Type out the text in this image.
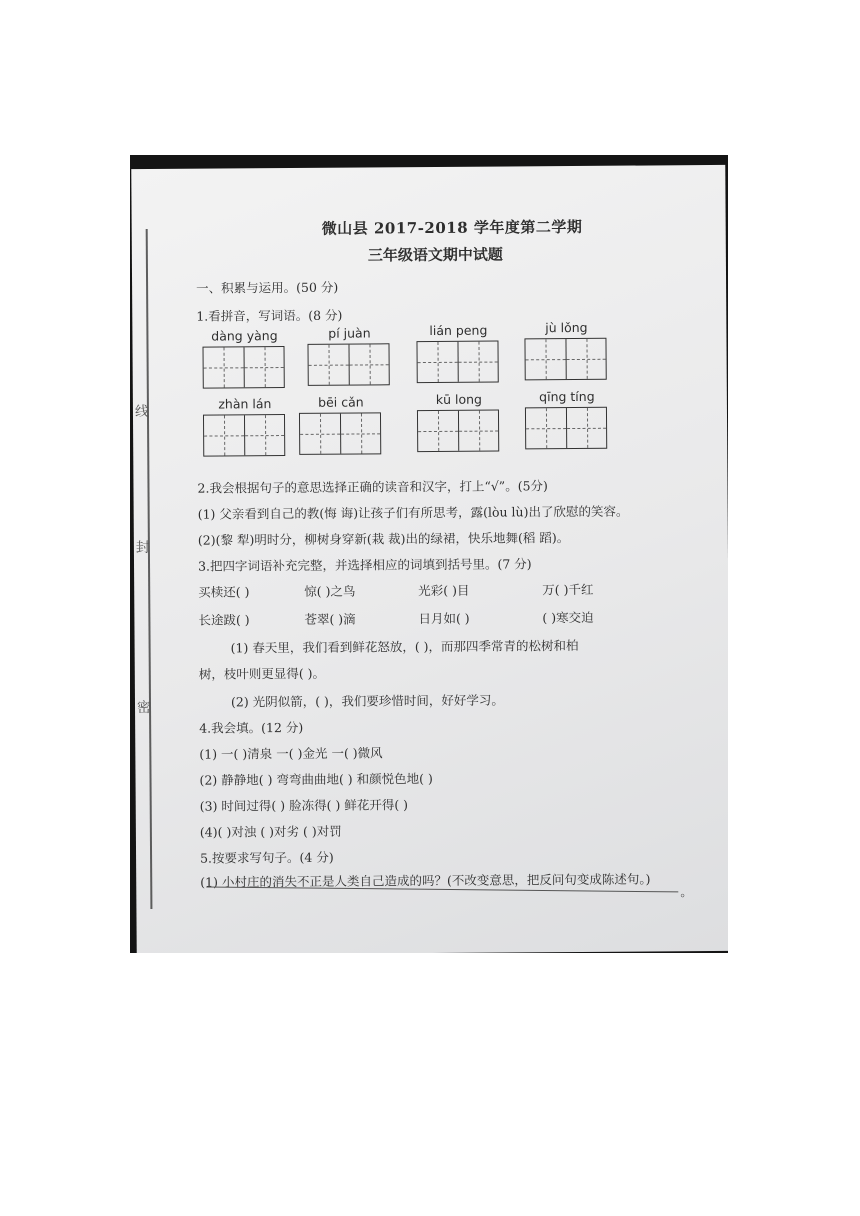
线
封
密
微山县 2017-2018 学年度第二学期
三年级语文期中试题
一、积累与运用。(50 分)
1.看拼音，写词语。(8 分)
dàng yàng	pí juàn	lián peng	jù lǒng
zhàn lán	bēi cǎn	kū long	qīng tíng
2.我会根据句子的意思选择正确的读音和汉字，打上“√”。(5分)
(1) 父亲看到自己的教(悔 诲)让孩子们有所思考，露(lòu lù)出了欣慰的笑容。
(2)(黎 犁)明时分，柳树身穿新(栽 裁)出的绿裙，快乐地舞(稻 蹈)。
3.把四字词语补充完整，并选择相应的词填到括号里。(7 分)
买椟还( )	惊( )之鸟	光彩( )目	万( )千红
长途跋( )	苍翠( )滴	日月如( )	( )寒交迫
(1) 春天里，我们看到鲜花怒放，( )，而那四季常青的松树和柏
树，枝叶则更显得( )。
(2) 光阴似箭，( )，我们要珍惜时间，好好学习。
4.我会填。(12 分)
(1) 一( )清泉 一( )金光 一( )微风
(2) 静静地( ) 弯弯曲曲地( ) 和颜悦色地( )
(3) 时间过得( ) 脸冻得( ) 鲜花开得( )
(4)( )对浊 ( )对劣 ( )对罚
5.按要求写句子。(4 分)
(1) 小村庄的消失不正是人类自己造成的吗？(不改变意思，把反问句变成陈述句。)
。
